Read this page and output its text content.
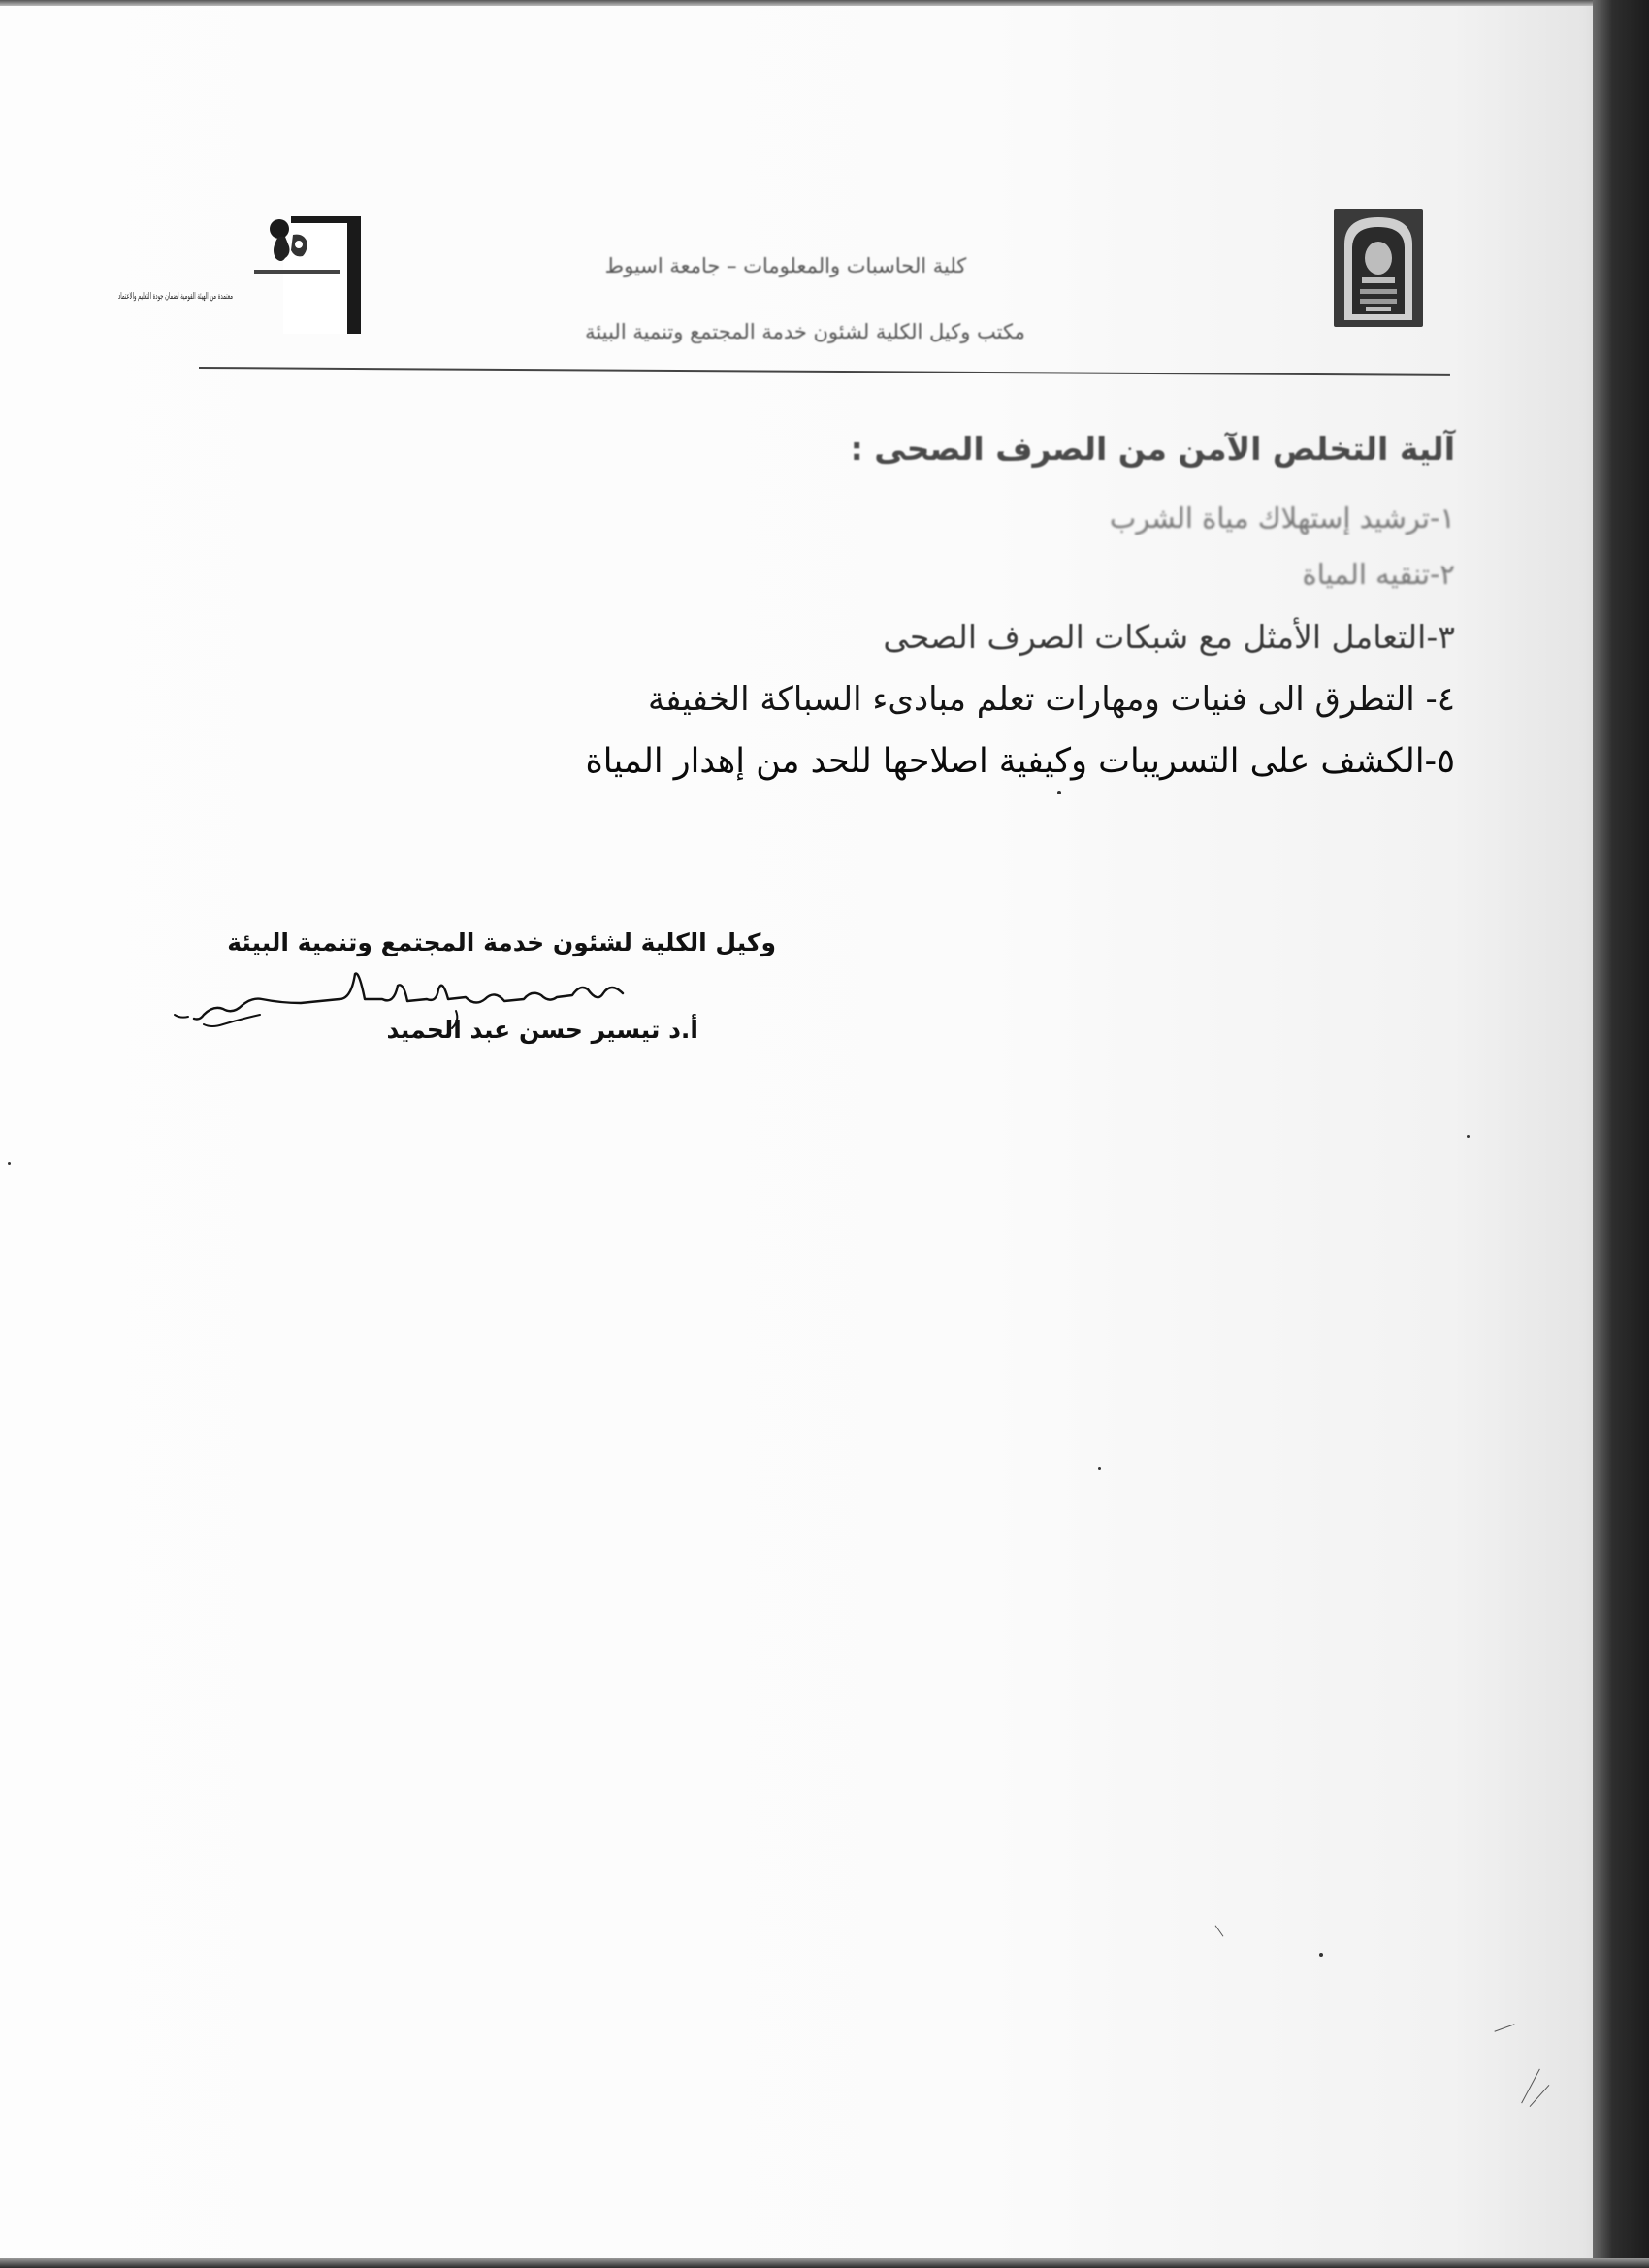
كلية الحاسبات والمعلومات – جامعة اسيوط
مكتب وكيل الكلية لشئون خدمة المجتمع وتنمية البيئة
معتمدة من الهيئة القومية لضمان جودة التعليم والاعتماد
آلية التخلص الآمن من الصرف الصحى :
١-ترشيد إستهلاك مياة الشرب
٢-تنقيه المياة
٣-التعامل الأمثل مع شبكات الصرف الصحى
٤- التطرق الى فنيات ومهارات تعلم مبادىء السباكة الخفيفة
٥-الكشف على التسريبات وكيفية اصلاحها للحد من إهدار المياة
وكيل الكلية لشئون خدمة المجتمع وتنمية البيئة
أ.د تيسير حسن عبد الحميد
